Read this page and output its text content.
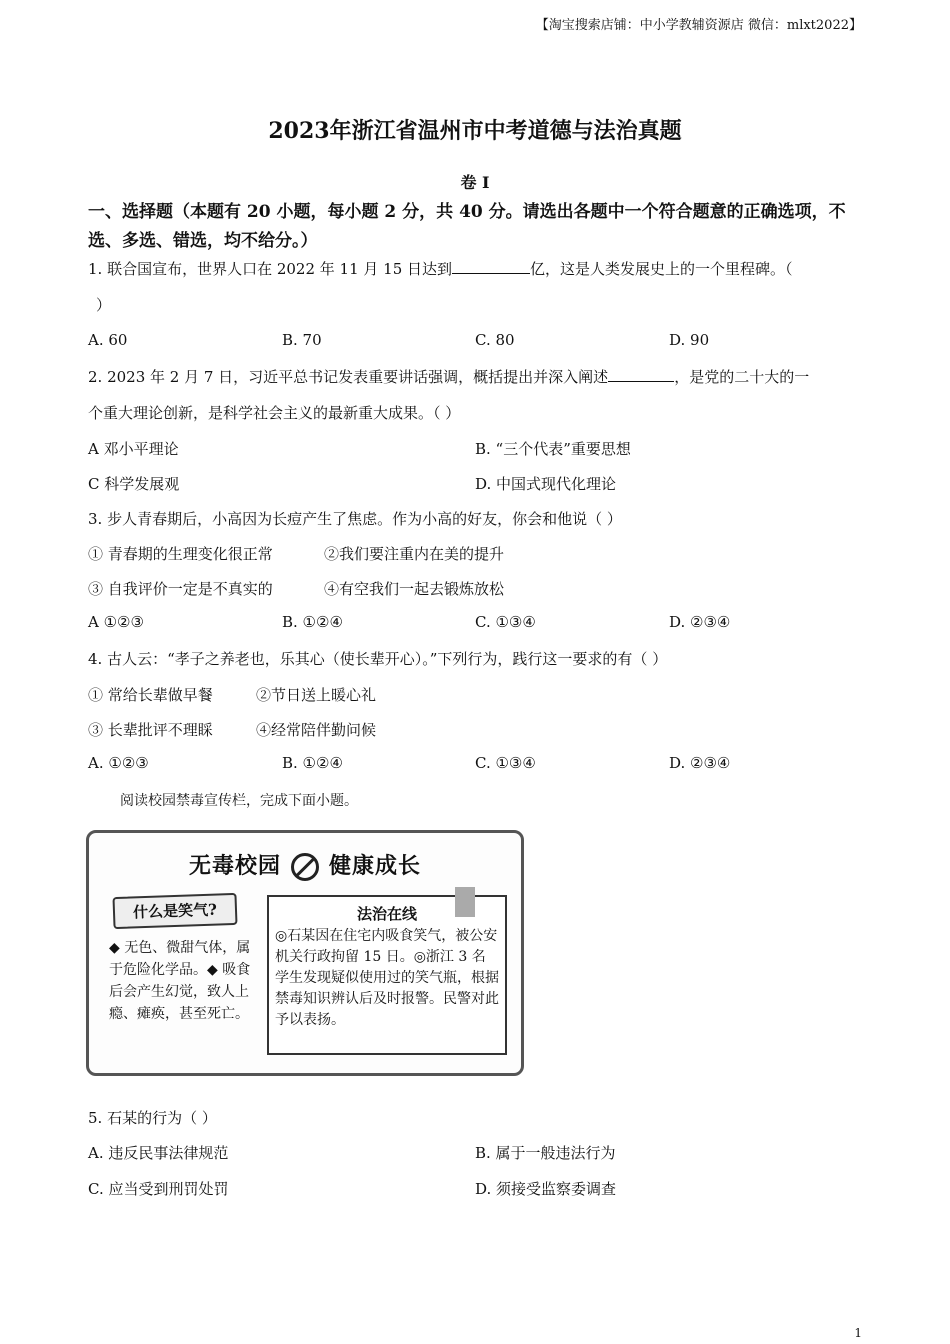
【淘宝搜索店铺：中小学教辅资源店 微信：mlxt2022】
2023年浙江省温州市中考道德与法治真题
卷 I
一、选择题（本题有 20 小题，每小题 2 分，共 40 分。请选出各题中一个符合题意的正确选项，不选、多选、错选，均不给分。）
1. 联合国宣布，世界人口在 2022 年 11 月 15 日达到	亿，这是人类发展史上的一个里程碑。（
）
A. 60	B. 70	C. 80	D. 90
2. 2023 年 2 月 7 日，习近平总书记发表重要讲话强调，概括提出并深入阐述	，是党的二十大的一
个重大理论创新，是科学社会主义的最新重大成果。（ ）
A 邓小平理论	B. “三个代表”重要思想
C 科学发展观	D. 中国式现代化理论
3. 步人青春期后，小高因为长痘产生了焦虑。作为小高的好友，你会和他说（ ）
① 青春期的生理变化很正常	②我们要注重内在美的提升
③ 自我评价一定是不真实的	④有空我们一起去锻炼放松
A ①②③	B. ①②④	C. ①③④	D. ②③④
4. 古人云：“孝子之养老也，乐其心（使长辈开心）。”下列行为，践行这一要求的有（ ）
① 常给长辈做早餐	②节日送上暖心礼
③ 长辈批评不理睬	④经常陪伴勤问候
A. ①②③	B. ①②④	C. ①③④	D. ②③④
阅读校园禁毒宣传栏，完成下面小题。
无毒校园 健康成长
什么是笑气?
◆ 无色、微甜气体，属于危险化学品。◆ 吸食后会产生幻觉，致人上瘾、瘫痪，甚至死亡。
法治在线
◎石某因在住宅内吸食笑气，被公安机关行政拘留 15 日。◎浙江 3 名学生发现疑似使用过的笑气瓶，根据禁毒知识辨认后及时报警。民警对此予以表扬。
5. 石某的行为（ ）
A. 违反民事法律规范	B. 属于一般违法行为
C. 应当受到刑罚处罚	D. 须接受监察委调查
1
